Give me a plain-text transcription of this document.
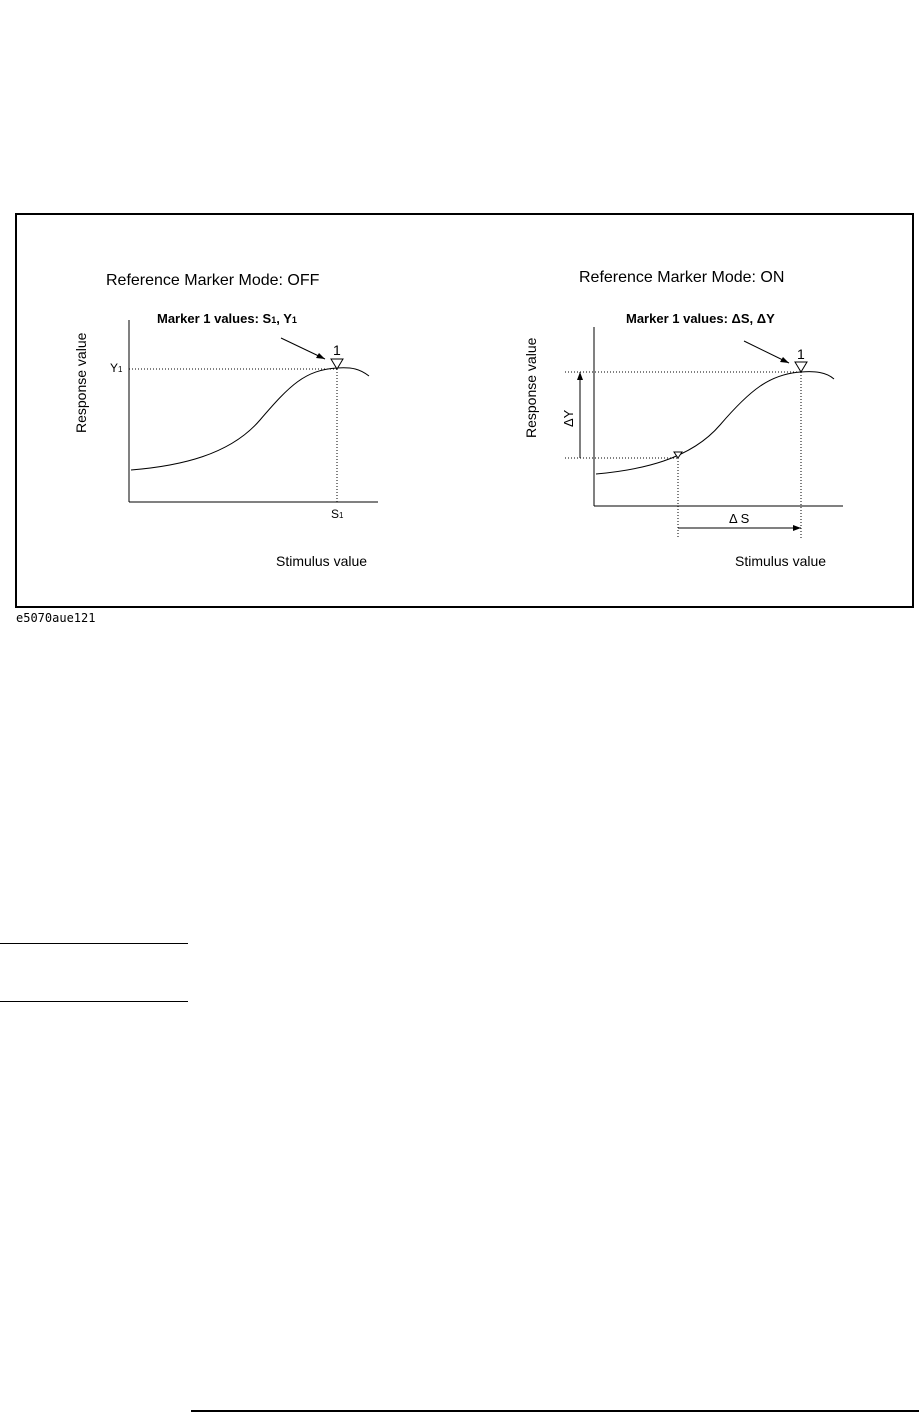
Reference Marker Mode: OFF
Marker 1 values: S1, Y1
Response value	1
Y1
S1
Stimulus value
Reference Marker Mode: ON
Marker 1 values: ΔS, ΔY
Response value ΔY
Δ S
1
Stimulus value
e5070aue121
